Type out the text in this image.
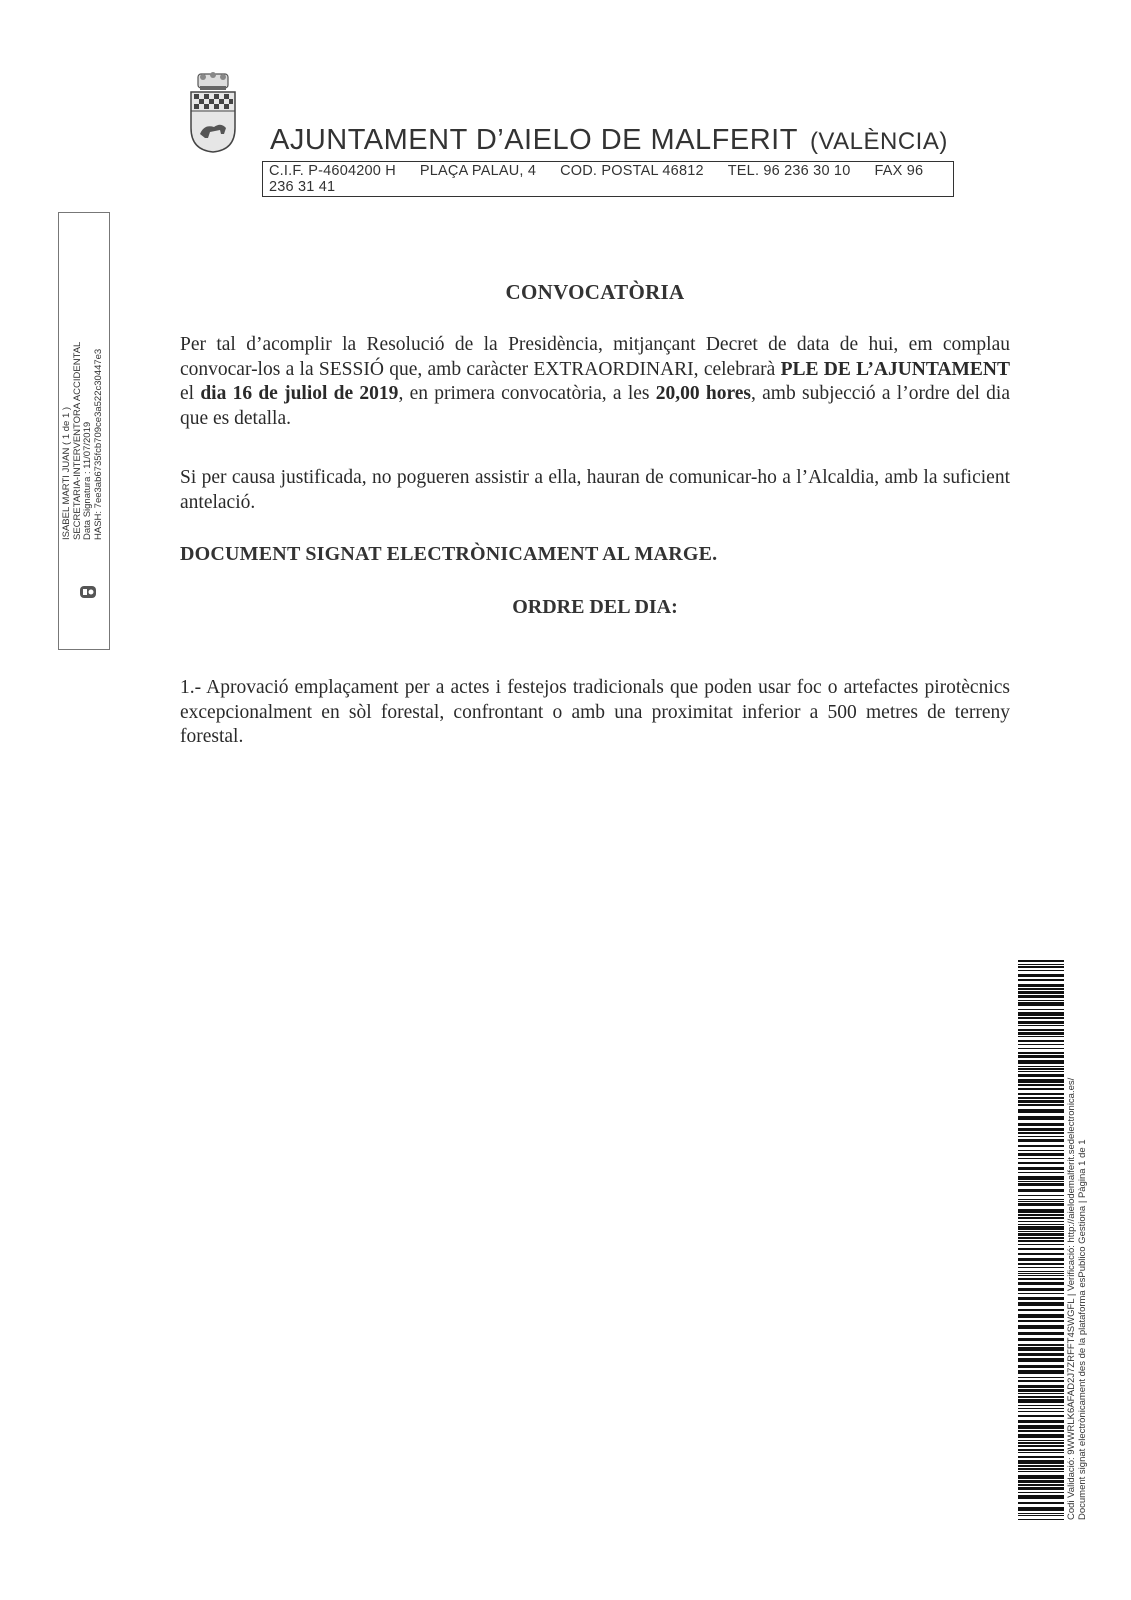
AJUNTAMENT D’AIELO DE MALFERIT (VALÈNCIA)
C.I.F. P-4604200 H PLAÇA PALAU, 4 COD. POSTAL 46812 TEL. 96 236 30 10 FAX 96 236 31 41
ISABEL MARTI JUAN ( 1 de 1 ) SECRETARIA-INTERVENTORA ACCIDENTAL Data Signatura : 11/07/2019 HASH: 7ee3ab6735fcb709ce3a522c30447e3
CONVOCATÒRIA
Per tal d’acomplir la Resolució de la Presidència, mitjançant Decret de data de hui, em complau convocar-los a la SESSIÓ que, amb caràcter EXTRAORDINARI, celebrarà PLE DE L’AJUNTAMENT el dia 16 de juliol de 2019, en primera convocatòria, a les 20,00 hores, amb subjecció a l’ordre del dia que es detalla.
Si per causa justificada, no pogueren assistir a ella, hauran de comunicar-ho a l’Alcaldia, amb la suficient antelació.
DOCUMENT SIGNAT ELECTRÒNICAMENT AL MARGE.
ORDRE DEL DIA:
1.- Aprovació emplaçament per a actes i festejos tradicionals que poden usar foc o artefactes pirotècnics excepcionalment en sòl forestal, confrontant o amb una proximitat inferior a 500 metres de terreny forestal.
Codi Validació: 9WWRLK6AFAD2J7ZRFFT4SWGFL | Verificació: http://aielodemalferit.sedelectronica.es/ Document signat electrònicament des de la plataforma esPublico Gestiona | Pàgina 1 de 1
